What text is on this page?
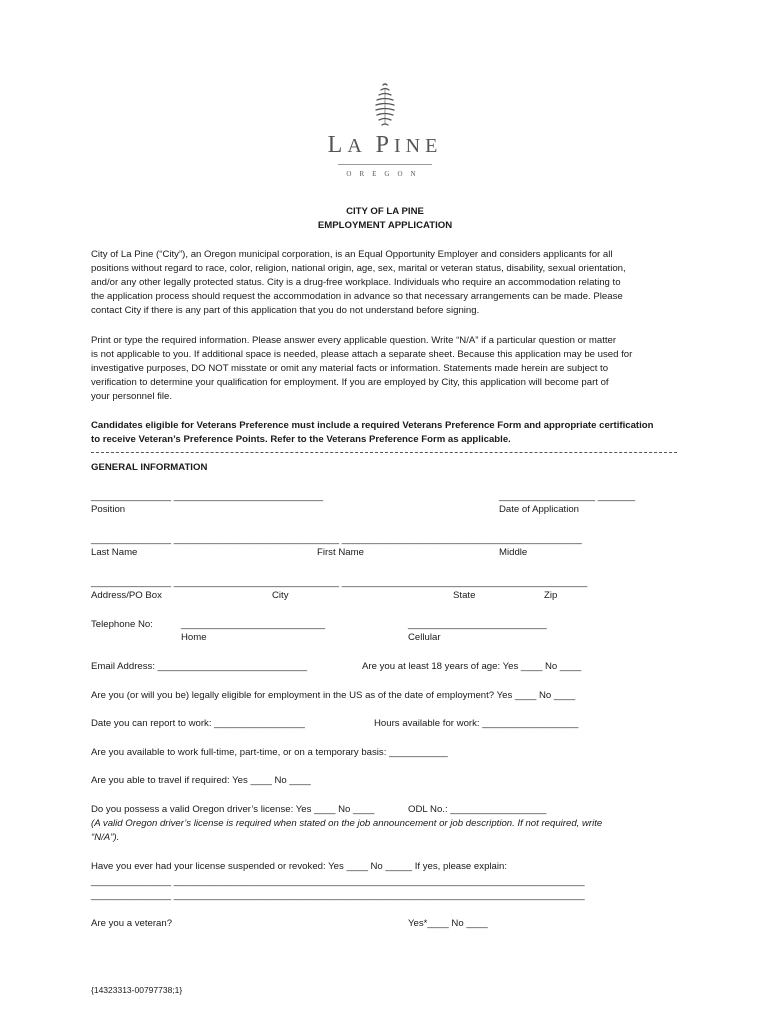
LA PINE
OREGON
CITY OF LA PINE
EMPLOYMENT APPLICATION
City of La Pine (“City”), an Oregon municipal corporation, is an Equal Opportunity Employer and considers applicants for all
positions without regard to race, color, religion, national origin, age, sex, marital or veteran status, disability, sexual orientation,
and/or any other legally protected status. City is a drug-free workplace. Individuals who require an accommodation relating to
the application process should request the accommodation in advance so that necessary arrangements can be made. Please
contact City if there is any part of this application that you do not understand before signing.
Print or type the required information. Please answer every applicable question. Write “N/A” if a particular question or matter
is not applicable to you. If additional space is needed, please attach a separate sheet. Because this application may be used for
investigative purposes, DO NOT misstate or omit any material facts or information. Statements made herein are subject to
verification to determine your qualification for employment. If you are employed by City, this application will become part of
your personnel file.
Candidates eligible for Veterans Preference must include a required Veterans Preference Form and appropriate certification
to receive Veteran’s Preference Points. Refer to the Veterans Preference Form as applicable.
GENERAL INFORMATION
_______________ ____________________________	__________________ _______
Position	Date of Application
_______________ _______________________________ _____________________________________________
Last Name	First Name	Middle
_______________ _______________________________ ______________________________________________
Address/PO Box	City	State	Zip
Telephone No:	___________________________	__________________________
Home	Cellular
Email Address: ____________________________	Are you at least 18 years of age: Yes ____ No ____
Are you (or will you be) legally eligible for employment in the US as of the date of employment? Yes ____ No ____
Date you can report to work: _________________	Hours available for work: __________________
Are you available to work full-time, part-time, or on a temporary basis: ___________
Are you able to travel if required: Yes ____ No ____
Do you possess a valid Oregon driver’s license: Yes ____ No ____	ODL No.: __________________
(A valid Oregon driver’s license is required when stated on the job announcement or job description. If not required, write
“N/A”).
Have you ever had your license suspended or revoked: Yes ____ No _____ If yes, please explain:
_______________ _____________________________________________________________________________
_______________ _____________________________________________________________________________
Are you a veteran?	Yes*____ No ____
{14323313-00797738;1}
